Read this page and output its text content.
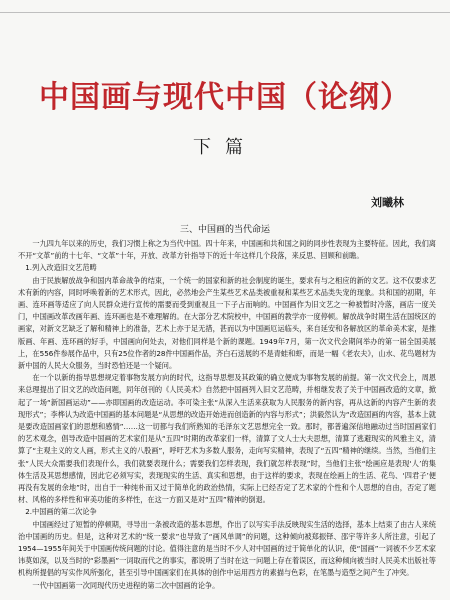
中国画与现代中国（论纲）
下篇
刘曦林
三、中国画的当代命运

一九四九年以来的历史，我们习惯上称之为当代中国。四十年来，中国画和共和国之间的同步性表现为主要特征。因此，我们离不开“文革”前的十七年、“文革”十年，开放、改革方针指导下的近十年这样几个段落，来反思、回顾和前瞻。

1.列入改造旧文艺范畴

由于民族解放战争和国内革命战争的结束，一个统一的国家和新的社会制度的诞生，要求有与之相应的新的文艺。这不仅要求艺术有新的内容，同时呼唤着新的艺术形式，因此，必然地会产生某些艺术品类被重视和某些艺术品类失宠的现象。共和国的初期，年画、连环画等适应了向人民群众进行宣传的需要而受到重视且一下子占而响的。中国画作为旧文艺之一种被暂时冷落，画店一度关门，中国画改革改画年画、连环画也是不难理解的。在大部分艺术院校中，中国画的教学亦一度停顿。解放战争时期生活在国统区的画家，对新文艺缺乏了解和精神上的准备，艺术上亦于足无措，甚而以为中国画厄运临头，来自延安和各解放区的革命美术家，是推版画、年画、连环画的好手，中国画向何处去，对他们同样是个新的课题。1949年7月，第一次文代会期间举办的第一届全国美展上，在556件参展作品中，只有25位作者的28件中国画作品，齐白石送展的不是青蛙和虾，而是一幅《老农夫》，山水、花鸟题材为新中国的人民大众服务，当时恐怕还是一个疑问。

在一个以新的指导思想规定着事物发展方向的时代，这指导思想及其政策的确立便成为事物发展的前提。第一次文代会上，周恩来总理提出了旧文艺的改造问题，同年创刊的《人民美术》自然把中国画列入旧文艺范畴，并相继发表了关于中国画改造的文章，掀起了一场“新国画运动”——亦即国画的改造运动。李可染主张“从深入生活来获取为人民服务的新内容，再从这新的内容产生新的表现形式”；李桦认为改造中国画的基本问题是“从思想的改造开始进而创造新的内容与形式”；洪毅然认为“改造国画的内容，基本上就是要改造国画家们的思想和感情”……这一切都与我们所熟知的毛泽东文艺思想完全一致。那时，都普遍深信地融动过当时国画家们的艺术观念，倡导改造中国画的艺术家们是从“五四”时期的改革家们一样，清算了文人士大夫思想，清算了逃避现实的风雅主义，清算了“主观主义的文人画，形式主义的八股画”，呼吁艺术为多数人服务，走向写实精神，表现了“五四”精神的继续。当然，当他们主张“人民大众需要我们表现什么，我们就要表现什么；需要我们怎样表现，我们就怎样表现”时，当他们主张“绘画应是表现‘人’的集体生活及其思想感情，因此它必须写实，表现现实的生活、真实和思想，由于这样的要求，表现在绘画上的生活、花鸟、‘四君子’便再没有发展的余地”时，出自于一种纯朴而又过于简单化的政治热情，实际上已经否定了艺术家的个性和个人思想的自由，否定了题材、风格的多样性和审美功能的多样性，在这一方面又是对“五四”精神的倒退。

2.中国画的第二次论争

中国画经过了短暂的停顿期，寻导出一条被改造的基本思想，作出了以写实手法反映现实生活的选择，基本上结束了由古人来统治中国画的历史。但是，这种对艺术的“统一要求”也导致了“画风单调”的问题，这种倾向被郑振铎、邵宇等许多人所注意，引起了1954—1955年间关于中国画传统问题的讨论。值得注意的是当时不少人对中国画的过于简单化的认识，使“国画”一词被不少艺术家讳莫如深，以及当时的“彩墨画”一词取而代之的事实，都说明了当时在这一问题上存在着误区，而这种倾向被当时人民美术出版社等机构所提倡的写实作风所强化，甚至引导中国画家们在具体的创作中运用西方的素描与色彩，在笔墨与造型之间产生了冲突。

一代中国画第一次同现代历史进程的第二次中国画的论争。
